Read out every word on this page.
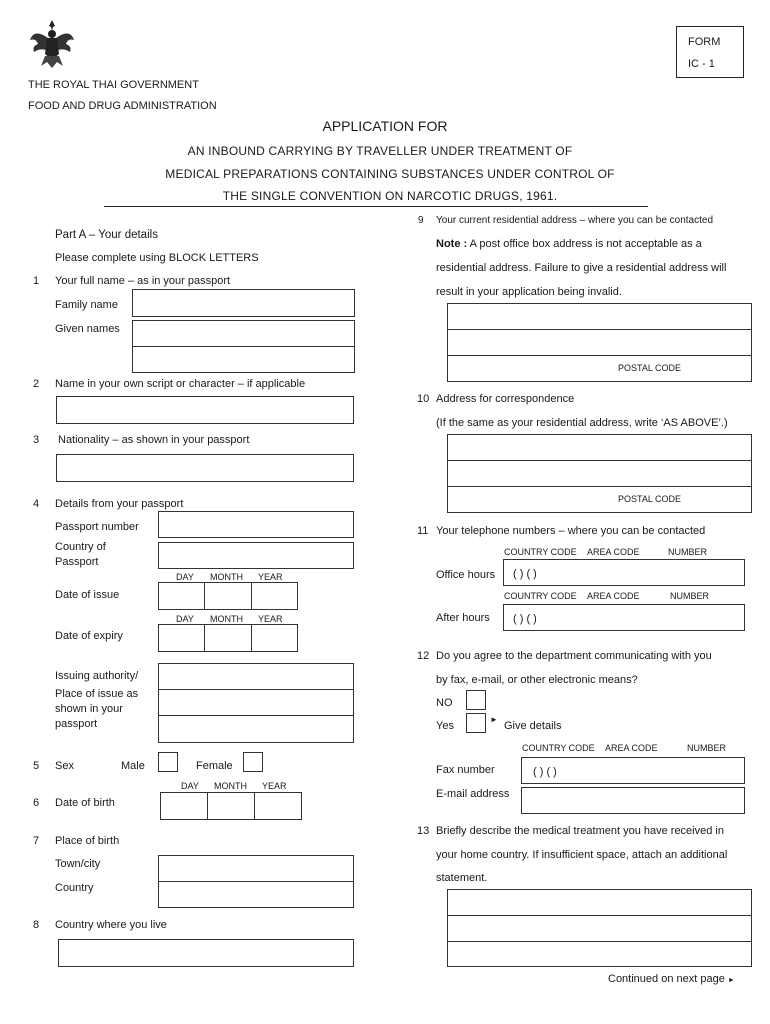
FORM
IC - 1
THE ROYAL THAI GOVERNMENT
FOOD AND DRUG ADMINISTRATION
APPLICATION FOR
AN INBOUND CARRYING BY TRAVELLER UNDER TREATMENT OF
MEDICAL PREPARATIONS CONTAINING SUBSTANCES UNDER CONTROL OF
THE SINGLE CONVENTION ON NARCOTIC DRUGS, 1961.
Part A – Your details
Please complete using BLOCK LETTERS
1 Your full name – as in your passport
Family name
Given names
2 Name in your own script or character – if applicable
3 Nationality – as shown in your passport
4 Details from your passport
Passport number
Country of
Passport
DAY MONTH YEAR
Date of issue
DAY MONTH YEAR
Date of expiry
Issuing authority/
Place of issue as
shown in your
passport
5 Sex	Male	Female
DAY MONTH YEAR
6 Date of birth
7 Place of birth
Town/city
Country
8 Country where you live
9 Your current residential address – where you can be contacted
Note : A post office box address is not acceptable as a
residential address. Failure to give a residential address will
result in your application being invalid.
POSTAL CODE
10 Address for correspondence
(If the same as your residential address, write ‘AS ABOVE’.)
POSTAL CODE
11 Your telephone numbers – where you can be contacted
COUNTRY CODE AREA CODE	NUMBER
Office hours ( ) ( )
COUNTRY CODE AREA CODE	NUMBER
After hours ( ) ( )
12 Do you agree to the department communicating with you
by fax, e-mail, or other electronic means?
NO
Yes
►
Give details
COUNTRY CODE AREA CODE	NUMBER
Fax number	( ) ( )
E-mail address
13 Briefly describe the medical treatment you have received in
your home country. If insufficient space, attach an additional
statement.
Continued on next page ►
